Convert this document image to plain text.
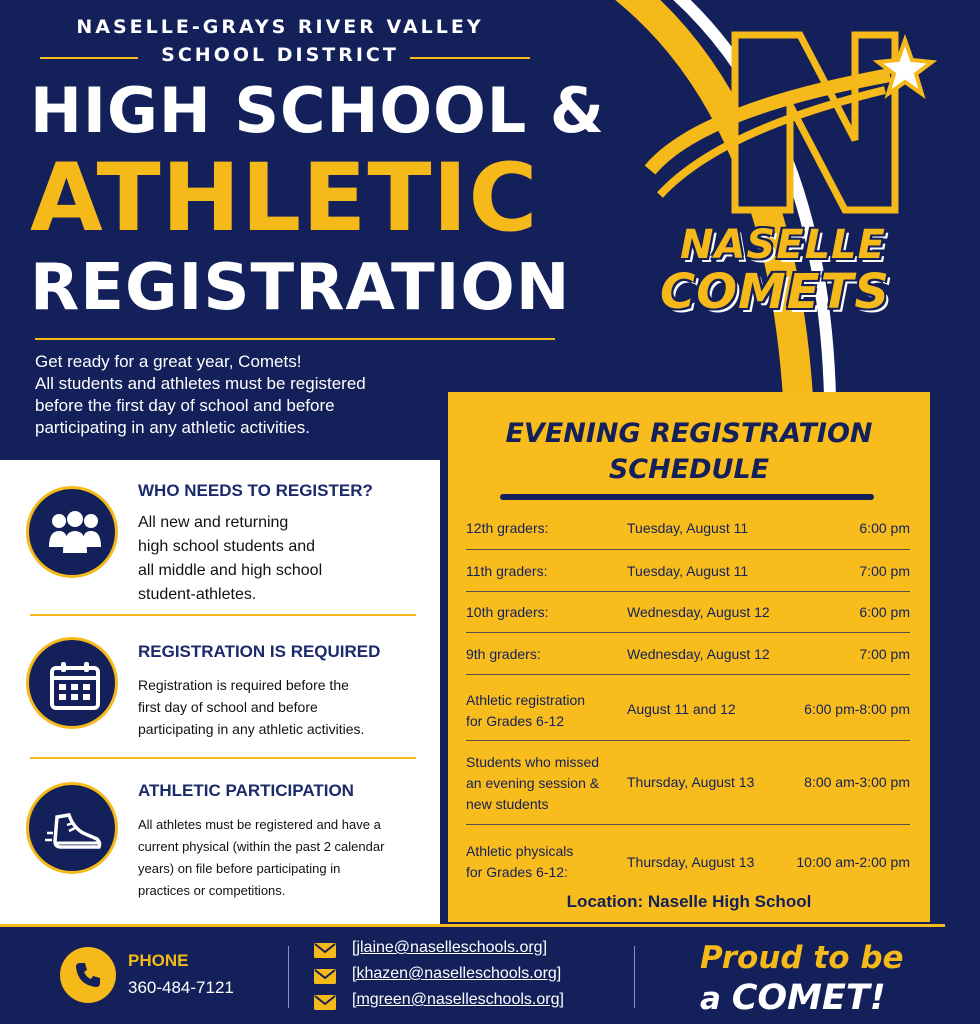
NASELLE-GRAYS RIVER VALLEY
SCHOOL DISTRICT
HIGH SCHOOL &
ATHLETIC
REGISTRATION
Get ready for a great year, Comets!
All students and athletes must be registered
before the first day of school and before
participating in any athletic activities.
NASELLE
COMETS
WHO NEEDS TO REGISTER?
All new and returning
high school students and
all middle and high school
student-athletes.
REGISTRATION IS REQUIRED
Registration is required before the
first day of school and before
participating in any athletic activities.
ATHLETIC PARTICIPATION
All athletes must be registered and have a
current physical (within the past 2 calendar
years) on file before participating in
practices or competitions.
EVENING REGISTRATION
SCHEDULE
12th graders:	Tuesday, August 11	6:00 pm
11th graders:	Tuesday, August 11	7:00 pm
10th graders:	Wednesday, August 12	6:00 pm
9th graders:	Wednesday, August 12	7:00 pm
Athletic registration
for Grades 6-12
August 11 and 12	6:00 pm-8:00 pm
Students who missed
an evening session &
new students
Thursday, August 13	8:00 am-3:00 pm
Athletic physicals
for Grades 6-12:
Thursday, August 13	10:00 am-2:00 pm
Location: Naselle High School
PHONE
360-484-7121
[jlaine@naselleschools.org]
[khazen@naselleschools.org]
[mgreen@naselleschools.org]
Proud to be
a COMET!
